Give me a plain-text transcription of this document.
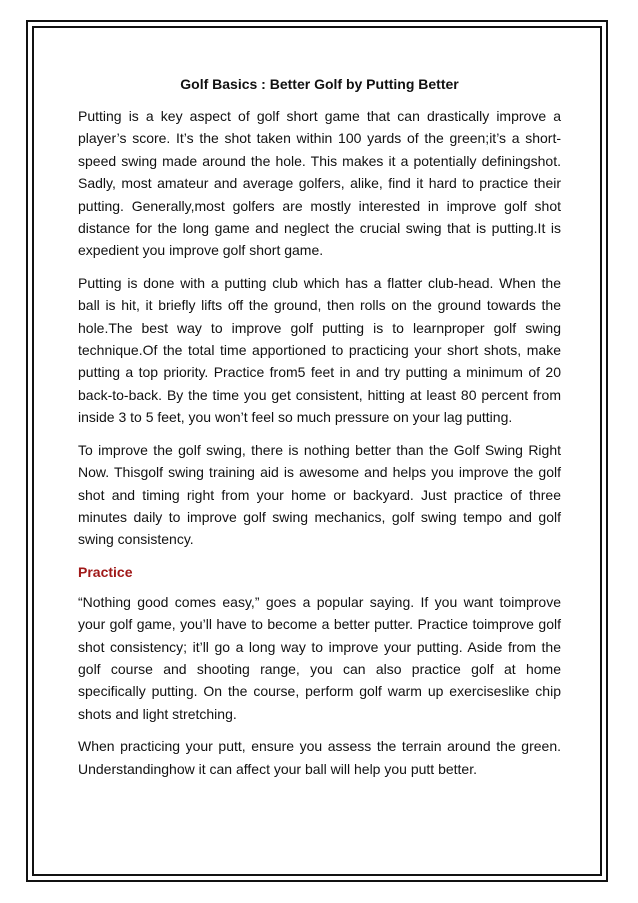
Golf Basics : Better Golf by Putting Better

Putting is a key aspect of golf short game that can drastically improve a player’s score. It’s the shot taken within 100 yards of the green;it’s a short-speed swing made around the hole. This makes it a potentially definingshot. Sadly, most amateur and average golfers, alike, find it hard to practice their putting. Generally,most golfers are mostly interested in improve golf shot distance for the long game and neglect the crucial swing that is putting.It is expedient you improve golf short game.

Putting is done with a putting club which has a flatter club-head. When the ball is hit, it briefly lifts off the ground, then rolls on the ground towards the hole.The best way to improve golf putting is to learnproper golf swing technique.Of the total time apportioned to practicing your short shots, make putting a top priority. Practice from5 feet in and try putting a minimum of 20 back-to-back. By the time you get consistent, hitting at least 80 percent from inside 3 to 5 feet, you won’t feel so much pressure on your lag putting.

To improve the golf swing, there is nothing better than the Golf Swing Right Now. Thisgolf swing training aid is awesome and helps you improve the golf shot and timing right from your home or backyard. Just practice of three minutes daily to improve golf swing mechanics, golf swing tempo and golf swing consistency.

Practice

“Nothing good comes easy,” goes a popular saying. If you want toimprove your golf game, you’ll have to become a better putter. Practice toimprove golf shot consistency; it’ll go a long way to improve your putting. Aside from the golf course and shooting range, you can also practice golf at home specifically putting. On the course, perform golf warm up exerciseslike chip shots and light stretching.

When practicing your putt, ensure you assess the terrain around the green. Understandinghow it can affect your ball will help you putt better.
